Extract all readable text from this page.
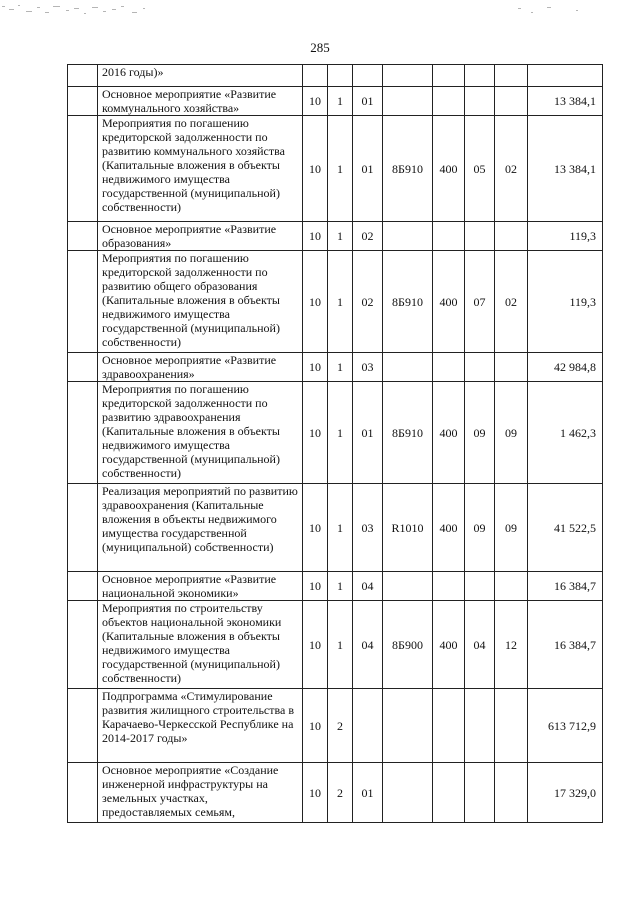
285
	2016 годы)»								
	Основное мероприятие «Развитие коммунального хозяйства»	10	1	01					13 384,1
	Мероприятия по погашению кредиторской задолженности по развитию коммунального хозяйства (Капитальные вложения в объекты недвижимого имущества государственной (муниципальной) собственности)	10	1	01	8Б910	400	05	02	13 384,1
	Основное мероприятие «Развитие образования»	10	1	02					119,3
	Мероприятия по погашению кредиторской задолженности по развитию общего образования (Капитальные вложения в объекты недвижимого имущества государственной (муниципальной) собственности)	10	1	02	8Б910	400	07	02	119,3
	Основное мероприятие «Развитие здравоохранения»	10	1	03					42 984,8
	Мероприятия по погашению кредиторской задолженности по развитию здравоохранения (Капитальные вложения в объекты недвижимого имущества государственной (муниципальной) собственности)	10	1	01	8Б910	400	09	09	1 462,3
	Реализация мероприятий по развитию здравоохранения (Капитальные вложения в объекты недвижимого имущества государственной (муниципальной) собственности)	10	1	03	R1010	400	09	09	41 522,5
	Основное мероприятие «Развитие национальной экономики»	10	1	04					16 384,7
	Мероприятия по строительству объектов национальной экономики (Капитальные вложения в объекты недвижимого имущества государственной (муниципальной) собственности)	10	1	04	8Б900	400	04	12	16 384,7
	Подпрограмма «Стимулирование развития жилищного строительства в Карачаево-Черкесской Республике на 2014-2017 годы»	10	2						613 712,9
	Основное мероприятие «Создание инженерной инфраструктуры на земельных участках, предоставляемых семьям,	10	2	01					17 329,0
